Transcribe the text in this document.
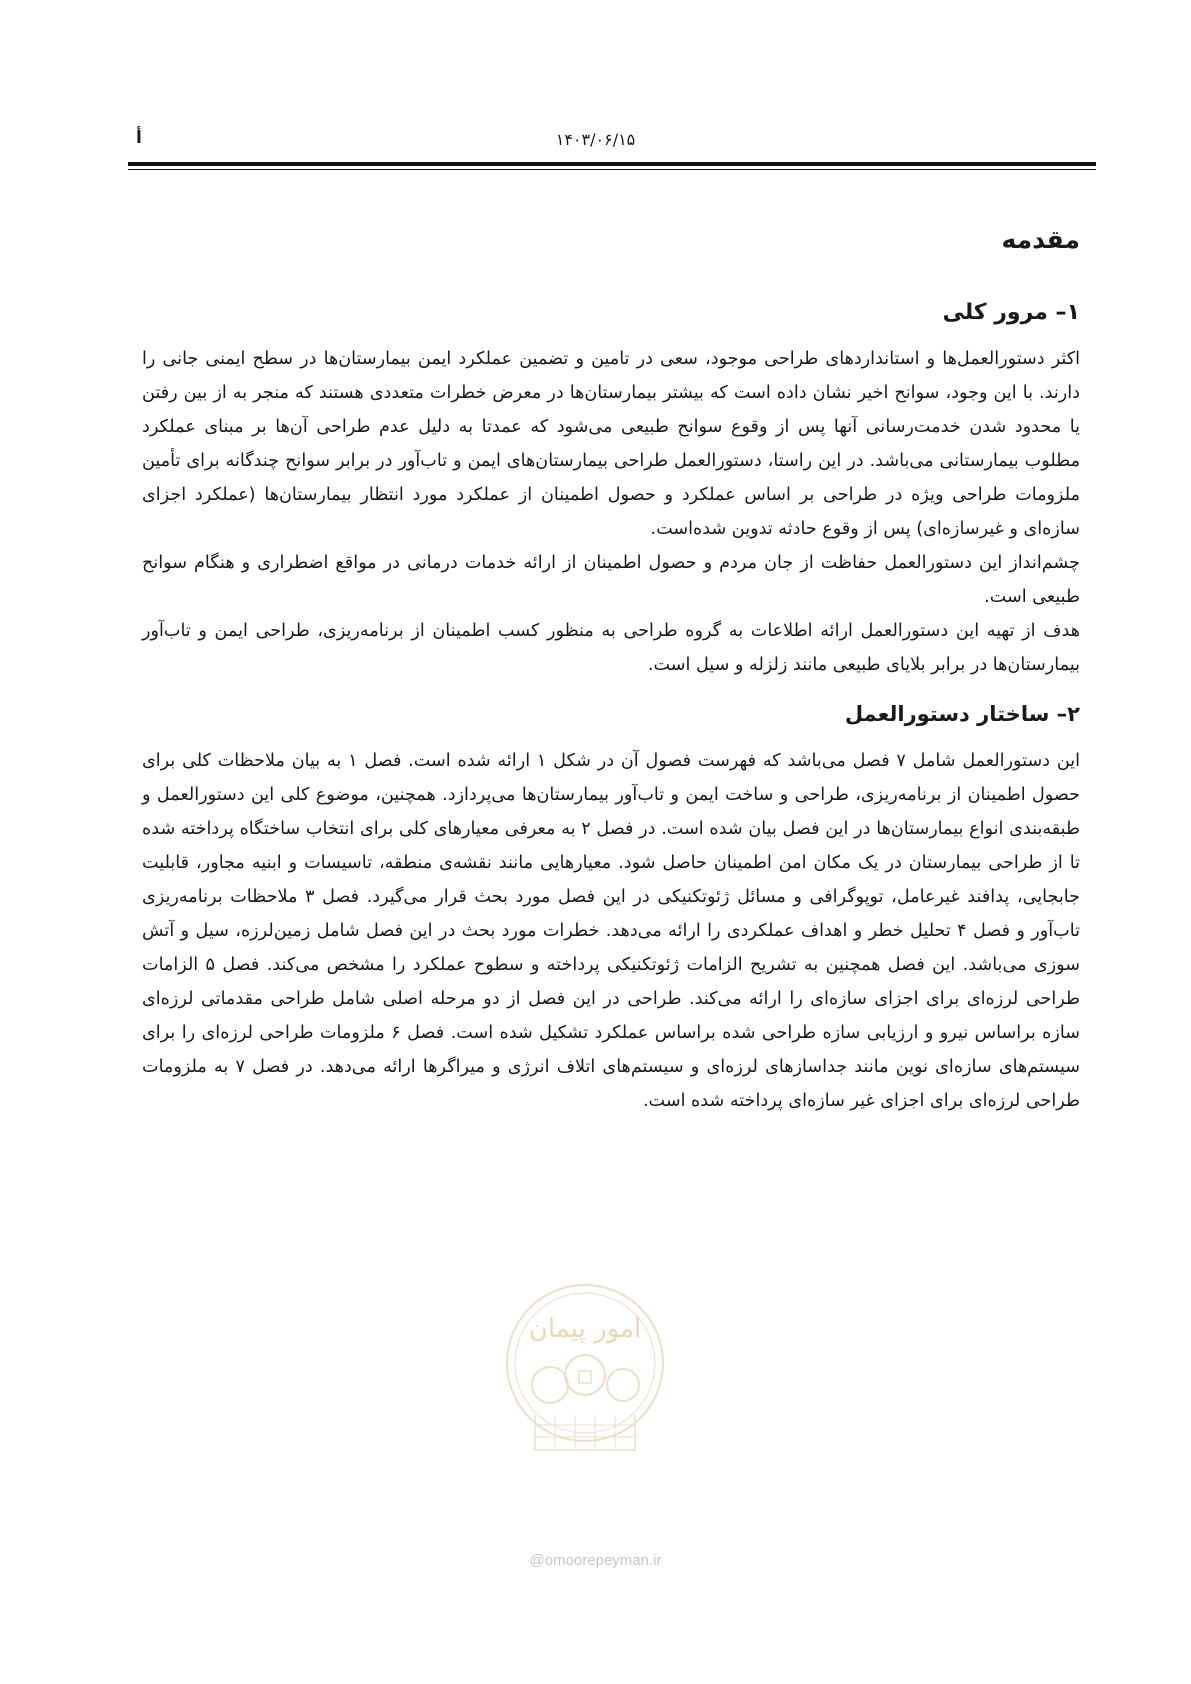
۱۴۰۳/۰۶/۱۵
أ
مقدمه
۱– مرور کلی

اکثر دستورالعمل‌ها و استانداردهای طراحی موجود، سعی در تامین و تضمین عملکرد ایمن بیمارستان‌ها در سطح ایمنی جانی را دارند. با این وجود، سوانح اخیر نشان داده است که بیشتر بیمارستان‌ها در معرض خطرات متعددی هستند که منجر به از بین رفتن یا محدود شدن خدمت‌رسانی آنها پس از وقوع سوانح طبیعی می‌شود که عمدتا به دلیل عدم طراحی آن‌ها بر مبنای عملکرد مطلوب بیمارستانی می‌باشد. در این راستا، دستورالعمل طراحی بیمارستان‌های ایمن و تاب‌آور در برابر سوانح چندگانه برای تأمین ملزومات طراحی ویژه در طراحی بر اساس عملکرد و حصول اطمینان از عملکرد مورد انتظار بیمارستان‌ها (عملکرد اجزای سازه‌ای و غیرسازه‌ای) پس از وقوع حادثه تدوین شده‌است.

چشم‌انداز این دستورالعمل حفاظت از جان مردم و حصول اطمینان از ارائه خدمات درمانی در مواقع اضطراری و هنگام سوانح طبیعی است.

هدف از تهیه این دستورالعمل ارائه اطلاعات به گروه طراحی به منظور کسب اطمینان از برنامه‌ریزی، طراحی ایمن و تاب‌آور بیمارستان‌ها در برابر بلایای طبیعی مانند زلزله و سیل است.

۲– ساختار دستورالعمل

این دستورالعمل شامل ۷ فصل می‌باشد که فهرست فصول آن در شکل ۱ ارائه شده است. فصل ۱ به بیان ملاحظات کلی برای حصول اطمینان از برنامه‌ریزی، طراحی و ساخت ایمن و تاب‌آور بیمارستان‌ها می‌پردازد. همچنین، موضوع کلی این دستورالعمل و طبقه‌بندی انواع بیمارستان‌ها در این فصل بیان شده است. در فصل ۲ به معرفی معیارهای کلی برای انتخاب ساختگاه پرداخته شده تا از طراحی بیمارستان در یک مکان امن اطمینان حاصل شود. معیارهایی مانند نقشه‌ی منطقه، تاسیسات و ابنیه مجاور، قابلیت جابجایی، پدافند غیرعامل، توپوگرافی و مسائل ژئوتکنیکی در این فصل مورد بحث قرار می‌گیرد. فصل ۳ ملاحظات برنامه‌ریزی تاب‌آور و فصل ۴ تحلیل خطر و اهداف عملکردی را ارائه می‌دهد. خطرات مورد بحث در این فصل شامل زمین‌لرزه، سیل و آتش سوزی می‌باشد. این فصل همچنین به تشریح الزامات ژئوتکنیکی پرداخته و سطوح عملکرد را مشخص می‌کند. فصل ۵ الزامات طراحی لرزه‌ای برای اجزای سازه‌ای را ارائه می‌کند. طراحی در این فصل از دو مرحله اصلی شامل طراحی مقدماتی لرزه‌ای سازه براساس نیرو و ارزیابی سازه طراحی شده براساس عملکرد تشکیل شده است. فصل ۶ ملزومات طراحی لرزه‌ای را برای سیستم‌های سازه‌ای نوین مانند جداسازهای لرزه‌ای و سیستم‌های اتلاف انرژی و میراگرها ارائه می‌دهد. در فصل ۷ به ملزومات طراحی لرزه‌ای برای اجزای غیر سازه‌ای پرداخته شده است.

امور پیمان
@omoorepeyman.ir
